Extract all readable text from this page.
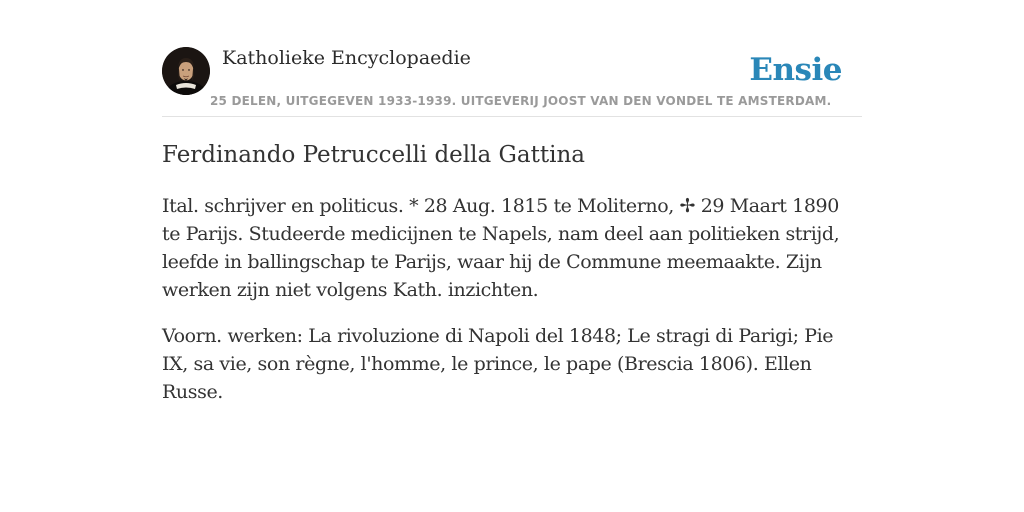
Katholieke Encyclopaedie
25 DELEN, UITGEGEVEN 1933-1939. UITGEVERIJ JOOST VAN DEN VONDEL TE AMSTERDAM.
Ensie
Ferdinando Petruccelli della Gattina

Ital. schrijver en politicus. * 28 Aug. 1815 te Moliterno, ✢ 29 Maart 1890 te Parijs. Studeerde medicijnen te Napels, nam deel aan politieken strijd, leefde in ballingschap te Parijs, waar hij de Commune meemaakte. Zijn werken zijn niet volgens Kath. inzichten.

Voorn. werken: La rivoluzione di Napoli del 1848; Le stragi di Parigi; Pie IX, sa vie, son règne, l'homme, le prince, le pape (Brescia 1806). Ellen Russe.
